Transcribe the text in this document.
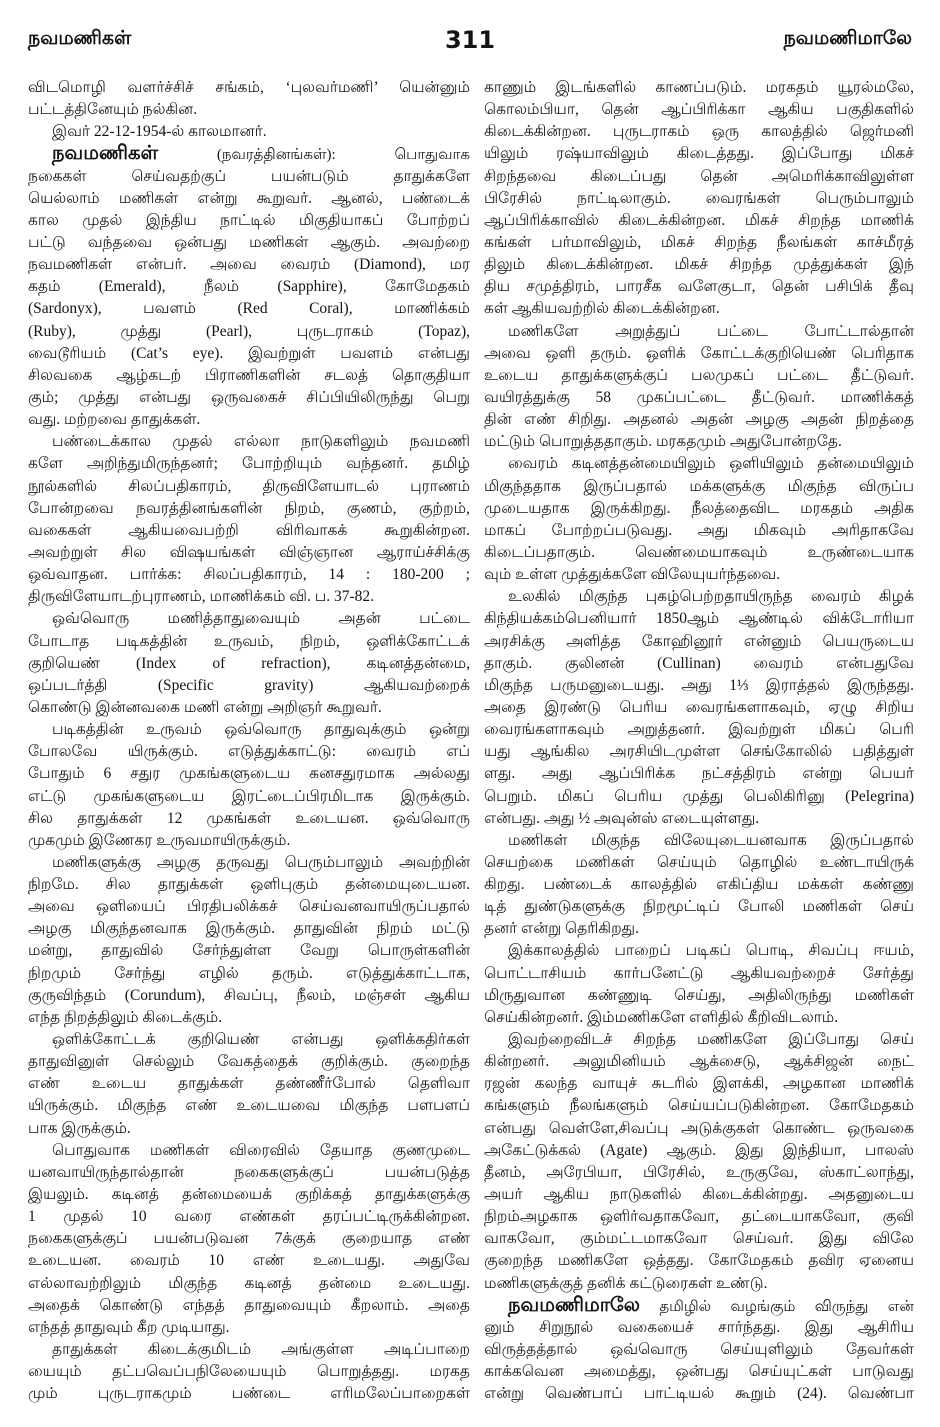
நவமணிகள்	311	நவமணிமாலே
விடமொழி வளர்ச்சிச் சங்கம், ‘புலவர்மணி’ யென்னும்
பட்டத்தினேயும் நல்கின.
இவர் 22-12-1954-ல் காலமானர்.
நவமணிகள்	(நவரத்தினங்கள்): பொதுவாக
நகைகள் செய்வதற்குப் பயன்படும் தாதுக்களே
யெல்லாம் மணிகள் என்று கூறுவர். ஆனல், பண்டைக்
கால முதல் இந்திய நாட்டில் மிகுதியாகப் போற்றப்
பட்டு வந்தவை ஒன்பது மணிகள் ஆகும். அவற்றை
நவமணிகள் என்பர். அவை வைரம் (Diamond), மர
கதம் (Emerald), நீலம் (Sapphire), கோமேதகம்
(Sardonyx), பவளம் (Red Coral), மாணிக்கம்
(Ruby), முத்து (Pearl), புருடராகம் (Topaz),
வைடூரியம் (Cat’s eye). இவற்றுள் பவளம் என்பது
சிலவகை ஆழ்கடற் பிராணிகளின் சடலத் தொகுதியா
கும்; முத்து என்பது ஒருவகைச் சிப்பியிலிருந்து பெறு
வது. மற்றவை தாதுக்கள்.
பண்டைக்கால முதல் எல்லா நாடுகளிலும் நவமணி
களே அறிந்துமிருந்தனர்; போற்றியும் வந்தனர். தமிழ்
நூல்களில் சிலப்பதிகாரம், திருவிளேயாடல் புராணம்
போன்றவை நவரத்தினங்களின் நிறம், குணம், குற்றம்,
வகைகள் ஆகியவைபற்றி விரிவாகக் கூறுகின்றன.
அவற்றுள் சில விஷயங்கள் விஞ்ஞான ஆராய்ச்சிக்கு
ஒவ்வாதன. பார்க்க: சிலப்பதிகாரம், 14 : 180-200 ;
திருவிளேயாடற்புராணம், மாணிக்கம் வி. ப. 37-82.
ஒவ்வொரு மணித்தாதுவையும் அதன் பட்டை
போடாத படிகத்தின் உருவம், நிறம், ஒளிக்கோட்டக்
குறியெண் (Index of refraction), கடினத்தன்மை,
ஒப்படர்த்தி (Specific gravity) ஆகியவற்றைக்
கொண்டு இன்னவகை மணி என்று அறிஞர் கூறுவர்.
படிகத்தின் உருவம் ஒவ்வொரு தாதுவுக்கும் ஒன்று
போலவே யிருக்கும். எடுத்துக்காட்டு: வைரம் எப்
போதும் 6 சதுர முகங்களுடைய கனசதுரமாக அல்லது
எட்டு முகங்களுடைய இரட்டைப்பிரமிடாக இருக்கும்.
சில தாதுக்கள் 12 முகங்கள் உடையன. ஒவ்வொரு
முகமும் இணேகர உருவமாயிருக்கும்.
மணிகளுக்கு அழகு தருவது பெரும்பாலும் அவற்றின்
நிறமே. சில தாதுக்கள் ஒளிபுகும் தன்மையுடையன.
அவை ஒளியைப் பிரதிபலிக்கச் செய்வனவாயிருப்பதால்
அழகு மிகுந்தனவாக இருக்கும். தாதுவின் நிறம் மட்டு
மன்று, தாதுவில் சேர்ந்துள்ள வேறு பொருள்களின்
நிறமும் சேர்ந்து எழில் தரும். எடுத்துக்காட்டாக,
குருவிந்தம் (Corundum), சிவப்பு, நீலம், மஞ்சள் ஆகிய
எந்த நிறத்திலும் கிடைக்கும்.
ஒளிக்கோட்டக் குறியெண் என்பது ஒளிக்கதிர்கள்
தாதுவினுள் செல்லும் வேகத்தைக் குறிக்கும். குறைந்த
எண் உடைய தாதுக்கள் தண்ணீர்போல் தெளிவா
யிருக்கும். மிகுந்த எண் உடையவை மிகுந்த பளபளப்
பாக இருக்கும்.
பொதுவாக மணிகள் விரைவில் தேயாத குணமுடை
யனவாயிருந்தால்தான் நகைகளுக்குப் பயன்படுத்த
இயலும். கடினத் தன்மையைக் குறிக்கத் தாதுக்களுக்கு
1 முதல் 10 வரை எண்கள் தரப்பட்டிருக்கின்றன.
நகைகளுக்குப் பயன்படுவன 7க்குக் குறையாத எண்
உடையன. வைரம் 10 எண் உடையது. அதுவே
எல்லாவற்றிலும் மிகுந்த கடினத் தன்மை உடையது.
அதைக் கொண்டு எந்தத் தாதுவையும் கீறலாம். அதை
எந்தத் தாதுவும் கீற முடியாது.
தாதுக்கள் கிடைக்குமிடம் அங்குள்ள அடிப்பாறை
யையும் தட்பவெப்பநிலேயையும் பொறுத்தது. மரகத
மும் புருடராகமும் பண்டை எரிமலேப்பாறைகள்
காணும் இடங்களில் காணப்படும். மரகதம் யூரல்மலே,
கொலம்பியா, தென் ஆப்பிரிக்கா ஆகிய பகுதிகளில்
கிடைக்கின்றன. புருடராகம் ஒரு காலத்தில் ஜெர்மனி
யிலும் ரஷ்யாவிலும் கிடைத்தது. இப்போது மிகச்
சிறந்தவை கிடைப்பது தென் அமெரிக்காவிலுள்ள
பிரேசில் நாட்டிலாகும். வைரங்கள் பெரும்பாலும்
ஆப்பிரிக்காவில் கிடைக்கின்றன. மிகச் சிறந்த மாணிக்
கங்கள் பர்மாவிலும், மிகச் சிறந்த நீலங்கள் காச்மீரத்
திலும் கிடைக்கின்றன. மிகச் சிறந்த முத்துக்கள் இந்
திய சமுத்திரம், பாரசீக வளேகுடா, தென் பசிபிக் தீவு
கள் ஆகியவற்றில் கிடைக்கின்றன.
மணிகளே அறுத்துப் பட்டை போட்டால்தான்
அவை ஒளி தரும். ஒளிக் கோட்டக்குறியெண் பெரிதாக
உடைய தாதுக்களுக்குப் பலமுகப் பட்டை தீட்டுவர்.
வயிரத்துக்கு 58 முகப்பட்டை தீட்டுவர். மாணிக்கத்
தின் எண் சிறிது. அதனல் அதன் அழகு அதன் நிறத்தை
மட்டும் பொறுத்ததாகும். மரகதமும் அதுபோன்றதே.
வைரம் கடினத்தன்மையிலும் ஒளியிலும் தன்மையிலும்
மிகுந்ததாக இருப்பதால் மக்களுக்கு மிகுந்த விருப்ப
முடையதாக இருக்கிறது. நீலத்தைவிட மரகதம் அதிக
மாகப் போற்றப்படுவது. அது மிகவும் அரிதாகவே
கிடைப்பதாகும். வெண்மையாகவும் உருண்டையாக
வும் உள்ள முத்துக்களே விலேயுயர்ந்தவை.
உலகில் மிகுந்த புகழ்பெற்றதாயிருந்த வைரம் கிழக்
கிந்தியக்கம்பெனியார் 1850ஆம் ஆண்டில் விக்டோரியா
அரசிக்கு அளித்த கோஹினூர் என்னும் பெயருடைய
தாகும். குலினன் (Cullinan) வைரம் என்பதுவே
மிகுந்த பருமனுடையது. அது 1⅓ இராத்தல் இருந்தது.
அதை இரண்டு பெரிய வைரங்களாகவும், ஏழு சிறிய
வைரங்களாகவும் அறுத்தனர். இவற்றுள் மிகப் பெரி
யது ஆங்கில அரசியிடமுள்ள செங்கோலில் பதித்துள்
ளது. அது ஆப்பிரிக்க நட்சத்திரம் என்று பெயர்
பெறும். மிகப் பெரிய முத்து பெலிகிரினு (Pelegrina)
என்பது. அது ½ அவுன்ஸ் எடையுள்ளது.
மணிகள் மிகுந்த விலேயுடையனவாக இருப்பதால்
செயற்கை மணிகள் செய்யும் தொழில் உண்டாயிருக்
கிறது. பண்டைக் காலத்தில் எகிப்திய மக்கள் கண்ணு
டித் துண்டுகளுக்கு நிறமூட்டிப் போலி மணிகள் செய்
தனர் என்று தெரிகிறது.
இக்காலத்தில் பாறைப் படிகப் பொடி, சிவப்பு ஈயம்,
பொட்டாசியம் கார்பனேட்டு ஆகியவற்றைச் சேர்த்து
மிருதுவான கண்ணுடி செய்து, அதிலிருந்து மணிகள்
செய்கின்றனர். இம்மணிகளே எளிதில் கீறிவிடலாம்.
இவற்றைவிடச் சிறந்த மணிகளே இப்போது செய்
கின்றனர். அலுமினியம் ஆக்சைடு, ஆக்சிஜன் நைட்
ரஜன் கலந்த வாயுச் சுடரில் இளக்கி, அழகான மாணிக்
கங்களும் நீலங்களும் செய்யப்படுகின்றன. கோமேதகம்
என்பது வெள்ளே,சிவப்பு அடுக்குகள் கொண்ட ஒருவகை
அகேட்டுக்கல் (Agate) ஆகும். இது இந்தியா, பாலஸ்
தீனம், அரேபியா, பிரேசில், உருகுவே, ஸ்காட்லாந்து,
அயர் ஆகிய நாடுகளில் கிடைக்கின்றது. அதனுடைய
நிறம்அழகாக ஒளிர்வதாகவோ, தட்டையாகவோ, குவி
வாகவோ, கும்மட்டமாகவோ செய்வர். இது விலே
குறைந்த மணிகளே ஒத்தது. கோமேதகம் தவிர ஏனைய
மணிகளுக்குத் தனிக் கட்டுரைகள் உண்டு.
நவமணிமாலே தமிழில் வழங்கும் விருந்து என்
னும் சிறுநூல் வகையைச் சார்ந்தது. இது ஆசிரிய
விருத்தத்தால் ஒவ்வொரு செய்யுளிலும் தேவர்கள்
காக்கவென அமைத்து, ஒன்பது செய்யுட்கள் பாடுவது
என்று வெண்பாப் பாட்டியல் கூறும் (24). வெண்பா
